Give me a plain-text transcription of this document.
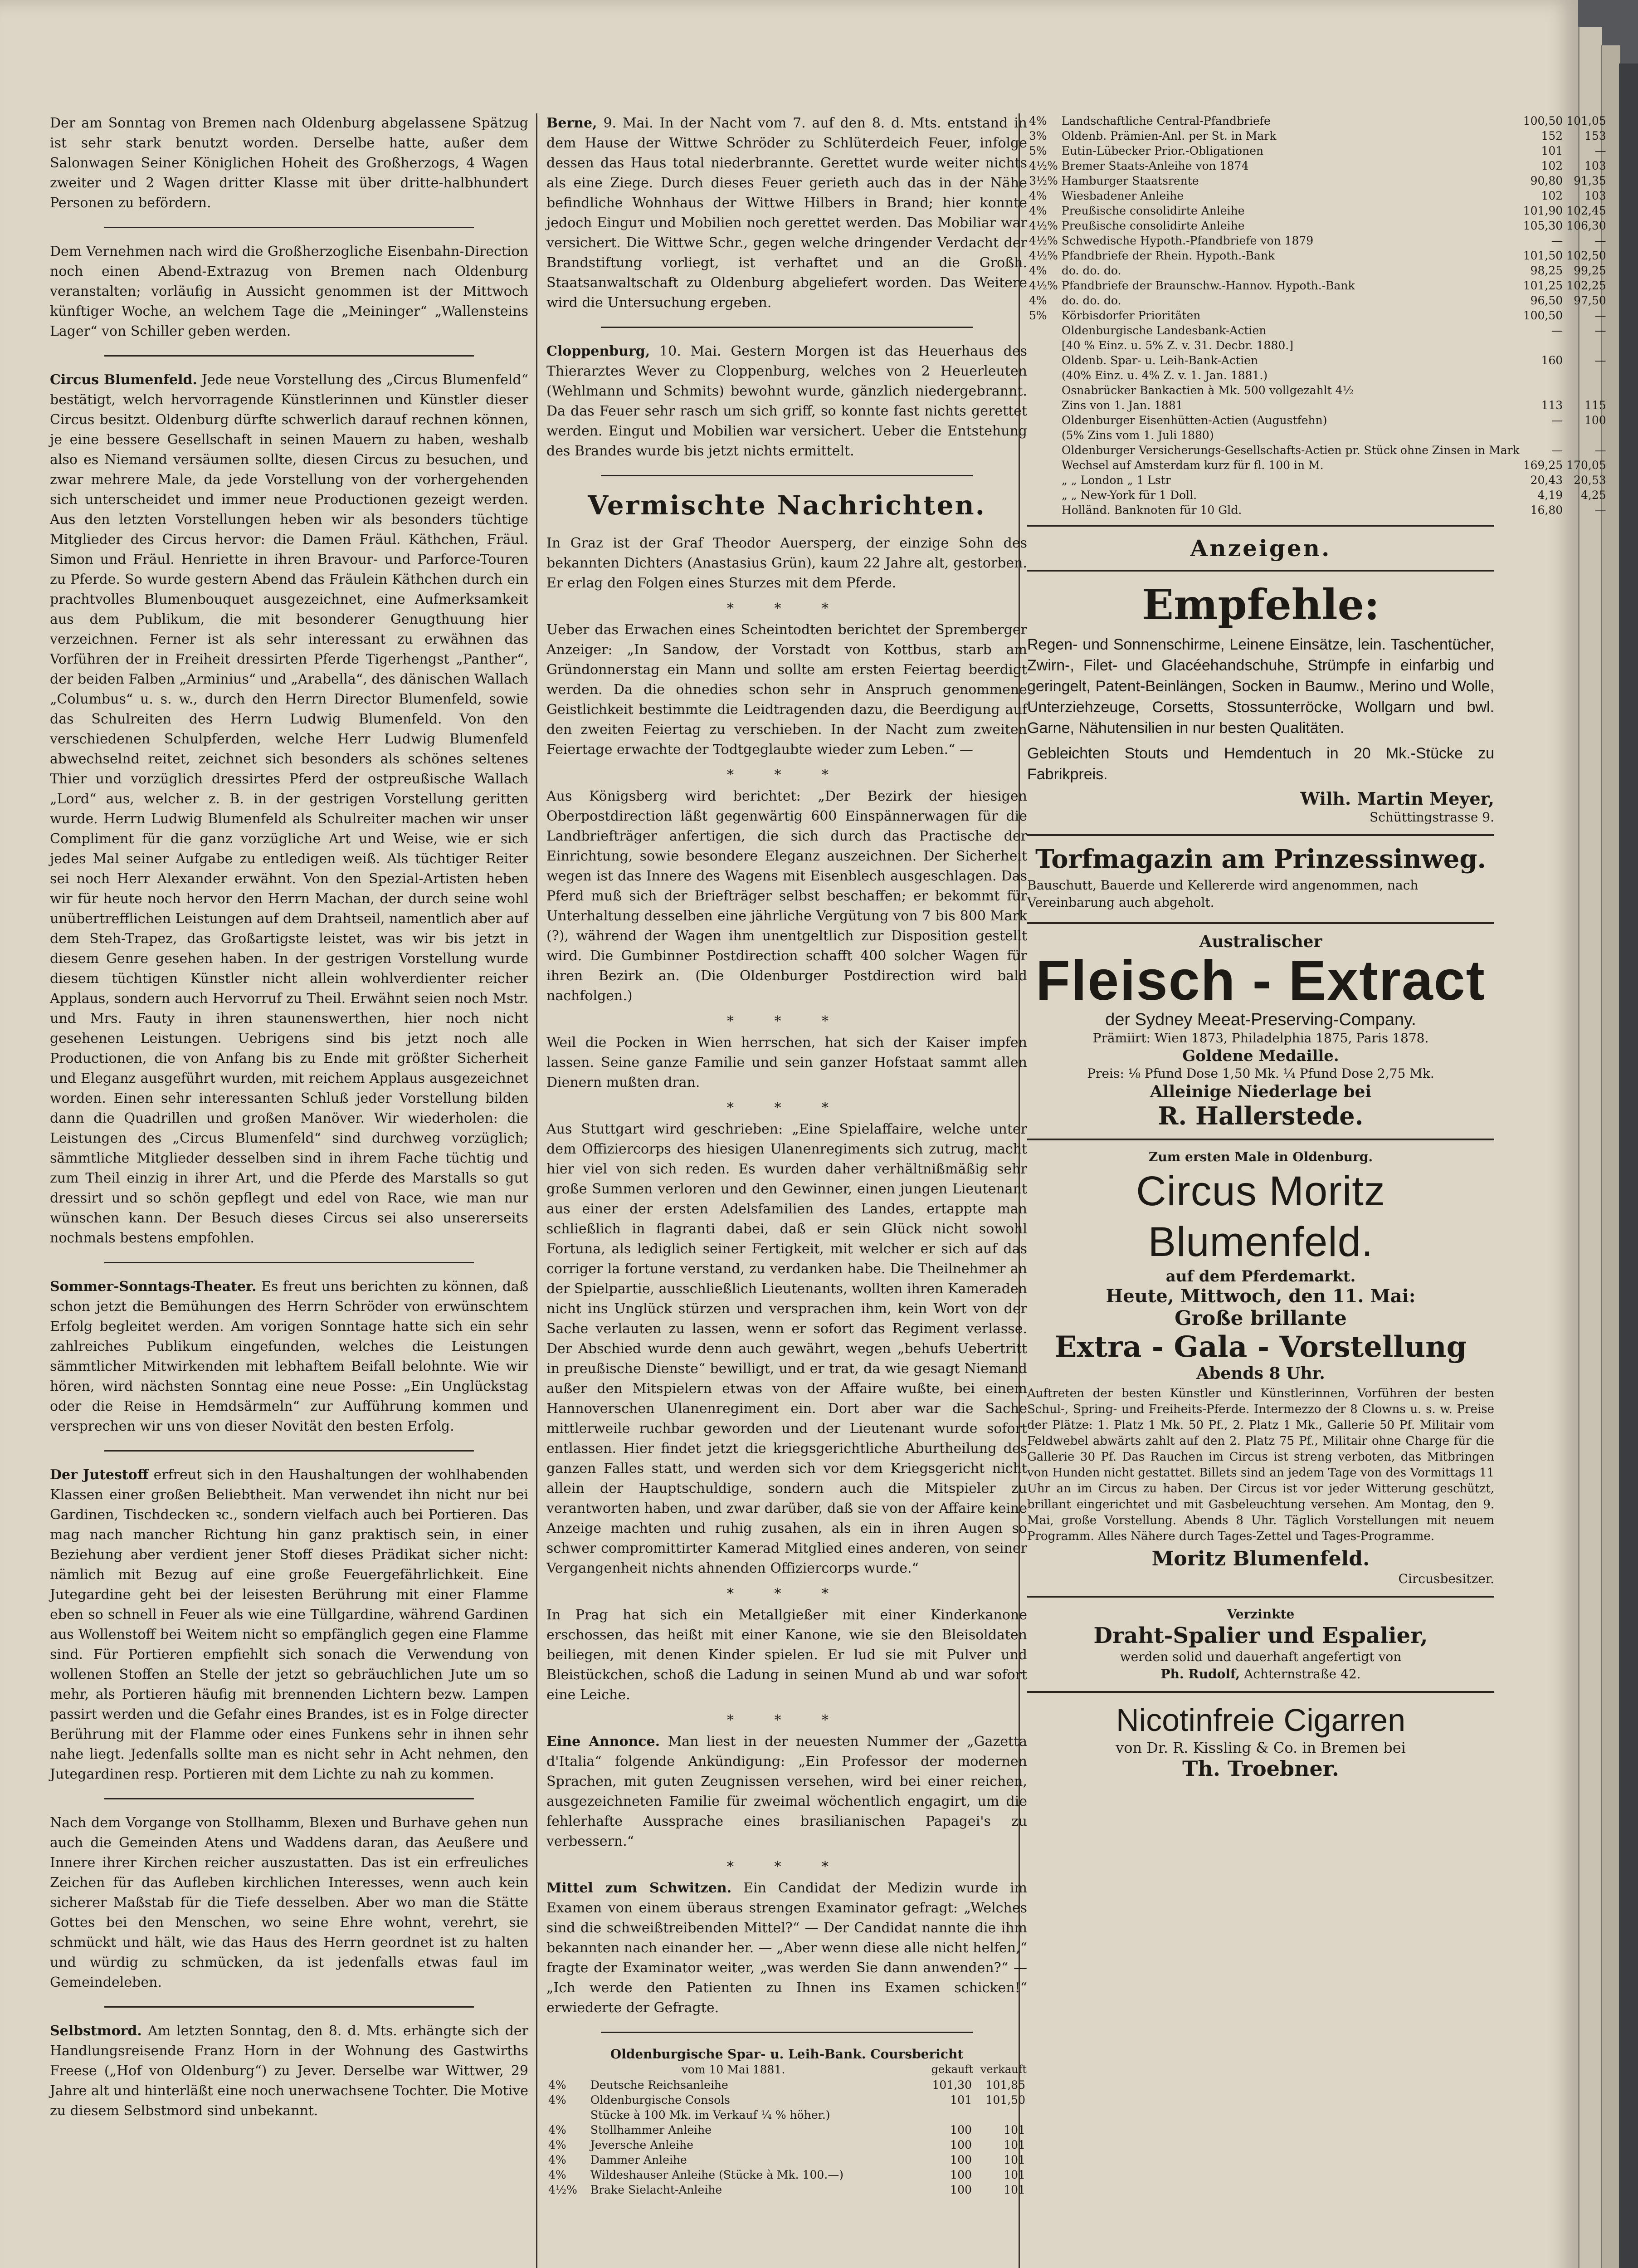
Der am Sonntag von Bremen nach Oldenburg abgelassene Spätzug ist sehr stark benutzt worden. Derselbe hatte, außer dem Salonwagen Seiner Königlichen Hoheit des Großherzogs, 4 Wagen zweiter und 2 Wagen dritter Klasse mit über dritte-halbhundert Personen zu befördern.

Dem Vernehmen nach wird die Großherzogliche Eisenbahn-Direction noch einen Abend-Extrazug von Bremen nach Oldenburg veranstalten; vorläufig in Aussicht genommen ist der Mittwoch künftiger Woche, an welchem Tage die „Meininger“ „Wallensteins Lager“ von Schiller geben werden.

Circus Blumenfeld. Jede neue Vorstellung des „Circus Blumenfeld“ bestätigt, welch hervorragende Künstlerinnen und Künstler dieser Circus besitzt. Oldenburg dürfte schwerlich darauf rechnen können, je eine bessere Gesellschaft in seinen Mauern zu haben, weshalb also es Niemand versäumen sollte, diesen Circus zu besuchen, und zwar mehrere Male, da jede Vorstellung von der vorhergehenden sich unterscheidet und immer neue Productionen gezeigt werden. Aus den letzten Vorstellungen heben wir als besonders tüchtige Mitglieder des Circus hervor: die Damen Fräul. Käthchen, Fräul. Simon und Fräul. Henriette in ihren Bravour- und Parforce-Touren zu Pferde. So wurde gestern Abend das Fräulein Käthchen durch ein prachtvolles Blumenbouquet ausgezeichnet, eine Aufmerksamkeit aus dem Publikum, die mit besonderer Genugthuung hier verzeichnen. Ferner ist als sehr interessant zu erwähnen das Vorführen der in Freiheit dressirten Pferde Tigerhengst „Panther“, der beiden Falben „Arminius“ und „Arabella“, des dänischen Wallach „Columbus“ u. s. w., durch den Herrn Director Blumenfeld, sowie das Schulreiten des Herrn Ludwig Blumenfeld. Von den verschiedenen Schulpferden, welche Herr Ludwig Blumenfeld abwechselnd reitet, zeichnet sich besonders als schönes seltenes Thier und vorzüglich dressirtes Pferd der ostpreußische Wallach „Lord“ aus, welcher z. B. in der gestrigen Vorstellung geritten wurde. Herrn Ludwig Blumenfeld als Schulreiter machen wir unser Compliment für die ganz vorzügliche Art und Weise, wie er sich jedes Mal seiner Aufgabe zu entledigen weiß. Als tüchtiger Reiter sei noch Herr Alexander erwähnt. Von den Spezial-Artisten heben wir für heute noch hervor den Herrn Machan, der durch seine wohl unübertrefflichen Leistungen auf dem Drahtseil, namentlich aber auf dem Steh-Trapez, das Großartigste leistet, was wir bis jetzt in diesem Genre gesehen haben. In der gestrigen Vorstellung wurde diesem tüchtigen Künstler nicht allein wohlverdienter reicher Applaus, sondern auch Hervorruf zu Theil. Erwähnt seien noch Mstr. und Mrs. Fauty in ihren staunenswerthen, hier noch nicht gesehenen Leistungen. Uebrigens sind bis jetzt noch alle Productionen, die von Anfang bis zu Ende mit größter Sicherheit und Eleganz ausgeführt wurden, mit reichem Applaus ausgezeichnet worden. Einen sehr interessanten Schluß jeder Vorstellung bilden dann die Quadrillen und großen Manöver. Wir wiederholen: die Leistungen des „Circus Blumenfeld“ sind durchweg vorzüglich; sämmtliche Mitglieder desselben sind in ihrem Fache tüchtig und zum Theil einzig in ihrer Art, und die Pferde des Marstalls so gut dressirt und so schön gepflegt und edel von Race, wie man nur wünschen kann. Der Besuch dieses Circus sei also unsererseits nochmals bestens empfohlen.

Sommer-Sonntags-Theater. Es freut uns berichten zu können, daß schon jetzt die Bemühungen des Herrn Schröder von erwünschtem Erfolg begleitet werden. Am vorigen Sonntage hatte sich ein sehr zahlreiches Publikum eingefunden, welches die Leistungen sämmtlicher Mitwirkenden mit lebhaftem Beifall belohnte. Wie wir hören, wird nächsten Sonntag eine neue Posse: „Ein Unglückstag oder die Reise in Hemdsärmeln“ zur Aufführung kommen und versprechen wir uns von dieser Novität den besten Erfolg.

Der Jutestoff erfreut sich in den Haushaltungen der wohlhabenden Klassen einer großen Beliebtheit. Man verwendet ihn nicht nur bei Gardinen, Tischdecken ꝛc., sondern vielfach auch bei Portieren. Das mag nach mancher Richtung hin ganz praktisch sein, in einer Beziehung aber verdient jener Stoff dieses Prädikat sicher nicht: nämlich mit Bezug auf eine große Feuergefährlichkeit. Eine Jutegardine geht bei der leisesten Berührung mit einer Flamme eben so schnell in Feuer als wie eine Tüllgardine, während Gardinen aus Wollenstoff bei Weitem nicht so empfänglich gegen eine Flamme sind. Für Portieren empfiehlt sich sonach die Verwendung von wollenen Stoffen an Stelle der jetzt so gebräuchlichen Jute um so mehr, als Portieren häufig mit brennenden Lichtern bezw. Lampen passirt werden und die Gefahr eines Brandes, ist es in Folge directer Berührung mit der Flamme oder eines Funkens sehr in ihnen sehr nahe liegt. Jedenfalls sollte man es nicht sehr in Acht nehmen, den Jutegardinen resp. Portieren mit dem Lichte zu nah zu kommen.

Nach dem Vorgange von Stollhamm, Blexen und Burhave gehen nun auch die Gemeinden Atens und Waddens daran, das Aeußere und Innere ihrer Kirchen reicher auszustatten. Das ist ein erfreuliches Zeichen für das Aufleben kirchlichen Interesses, wenn auch kein sicherer Maßstab für die Tiefe desselben. Aber wo man die Stätte Gottes bei den Menschen, wo seine Ehre wohnt, verehrt, sie schmückt und hält, wie das Haus des Herrn geordnet ist zu halten und würdig zu schmücken, da ist jedenfalls etwas faul im Gemeindeleben.

Selbstmord. Am letzten Sonntag, den 8. d. Mts. erhängte sich der Handlungsreisende Franz Horn in der Wohnung des Gastwirths Freese („Hof von Oldenburg“) zu Jever. Derselbe war Wittwer, 29 Jahre alt und hinterläßt eine noch unerwachsene Tochter. Die Motive zu diesem Selbstmord sind unbekannt.

Berne, 9. Mai. In der Nacht vom 7. auf den 8. d. Mts. entstand in dem Hause der Wittwe Schröder zu Schlüterdeich Feuer, infolge dessen das Haus total niederbrannte. Gerettet wurde weiter nichts als eine Ziege. Durch dieses Feuer gerieth auch das in der Nähe befindliche Wohnhaus der Wittwe Hilbers in Brand; hier konnte jedoch Einguт und Mobilien noch gerettet werden. Das Mobiliar war versichert. Die Wittwe Schr., gegen welche dringender Verdacht der Brandstiftung vorliegt, ist verhaftet und an die Großh. Staatsanwaltschaft zu Oldenburg abgeliefert worden. Das Weitere wird die Untersuchung ergeben.

Cloppenburg, 10. Mai. Gestern Morgen ist das Heuerhaus des Thierarztes Wever zu Cloppenburg, welches von 2 Heuerleuten (Wehlmann und Schmits) bewohnt wurde, gänzlich niedergebrannt. Da das Feuer sehr rasch um sich griff, so konnte fast nichts gerettet werden. Eingut und Mobilien war versichert. Ueber die Entstehung des Brandes wurde bis jetzt nichts ermittelt.

Vermischte Nachrichten.

In Graz ist der Graf Theodor Auersperg, der einzige Sohn des bekannten Dichters (Anastasius Grün), kaum 22 Jahre alt, gestorben. Er erlag den Folgen eines Sturzes mit dem Pferde.

* * *

Ueber das Erwachen eines Scheintodten berichtet der Spremberger Anzeiger: „In Sandow, der Vorstadt von Kottbus, starb am Gründonnerstag ein Mann und sollte am ersten Feiertag beerdigt werden. Da die ohnedies schon sehr in Anspruch genommene Geistlichkeit bestimmte die Leidtragenden dazu, die Beerdigung auf den zweiten Feiertag zu verschieben. In der Nacht zum zweiten Feiertage erwachte der Todtgeglaubte wieder zum Leben.“ —

* * *

Aus Königsberg wird berichtet: „Der Bezirk der hiesigen Oberpostdirection läßt gegenwärtig 600 Einspännerwagen für die Landbriefträger anfertigen, die sich durch das Practische der Einrichtung, sowie besondere Eleganz auszeichnen. Der Sicherheit wegen ist das Innere des Wagens mit Eisenblech ausgeschlagen. Das Pferd muß sich der Briefträger selbst beschaffen; er bekommt für Unterhaltung desselben eine jährliche Vergütung von 7 bis 800 Mark (?), während der Wagen ihm unentgeltlich zur Disposition gestellt wird. Die Gumbinner Postdirection schafft 400 solcher Wagen für ihren Bezirk an. (Die Oldenburger Postdirection wird bald nachfolgen.)

* * *

Weil die Pocken in Wien herrschen, hat sich der Kaiser impfen lassen. Seine ganze Familie und sein ganzer Hofstaat sammt allen Dienern mußten dran.

* * *

Aus Stuttgart wird geschrieben: „Eine Spielaffaire, welche unter dem Offiziercorps des hiesigen Ulanenregiments sich zutrug, macht hier viel von sich reden. Es wurden daher verhältnißmäßig sehr große Summen verloren und den Gewinner, einen jungen Lieutenant aus einer der ersten Adelsfamilien des Landes, ertappte man schließlich in flagranti dabei, daß er sein Glück nicht sowohl Fortuna, als lediglich seiner Fertigkeit, mit welcher er sich auf das corriger la fortune verstand, zu verdanken habe. Die Theilnehmer an der Spielpartie, ausschließlich Lieutenants, wollten ihren Kameraden nicht ins Unglück stürzen und versprachen ihm, kein Wort von der Sache verlauten zu lassen, wenn er sofort das Regiment verlasse. Der Abschied wurde denn auch gewährt, wegen „behufs Uebertritt in preußische Dienste“ bewilligt, und er trat, da wie gesagt Niemand außer den Mitspielern etwas von der Affaire wußte, bei einem Hannoverschen Ulanenregiment ein. Dort aber war die Sache mittlerweile ruchbar geworden und der Lieutenant wurde sofort entlassen. Hier findet jetzt die kriegsgerichtliche Aburtheilung des ganzen Falles statt, und werden sich vor dem Kriegsgericht nicht allein der Hauptschuldige, sondern auch die Mitspieler zu verantworten haben, und zwar darüber, daß sie von der Affaire keine Anzeige machten und ruhig zusahen, als ein in ihren Augen so schwer compromittirter Kamerad Mitglied eines anderen, von seiner Vergangenheit nichts ahnenden Offiziercorps wurde.“

* * *

In Prag hat sich ein Metallgießer mit einer Kinderkanone erschossen, das heißt mit einer Kanone, wie sie den Bleisoldaten beiliegen, mit denen Kinder spielen. Er lud sie mit Pulver und Bleistückchen, schoß die Ladung in seinen Mund ab und war sofort eine Leiche.

* * *

Eine Annonce. Man liest in der neuesten Nummer der „Gazetta d'Italia“ folgende Ankündigung: „Ein Professor der modernen Sprachen, mit guten Zeugnissen versehen, wird bei einer reichen, ausgezeichneten Familie für zweimal wöchentlich engagirt, um die fehlerhafte Aussprache eines brasilianischen Papagei's zu verbessern.“

* * *

Mittel zum Schwitzen. Ein Candidat der Medizin wurde im Examen von einem überaus strengen Examinator gefragt: „Welches sind die schweißtreibenden Mittel?“ — Der Candidat nannte die ihm bekannten nach einander her. — „Aber wenn diese alle nicht helfen,“ fragte der Examinator weiter, „was werden Sie dann anwenden?“ — „Ich werde den Patienten zu Ihnen ins Examen schicken!“ erwiederte der Gefragte.

Oldenburgische Spar- u. Leih-Bank. Coursbericht
vom 10 Mai 1881.		gekauft	verkauft
4%	Deutsche Reichsanleihe	101,30	101,85
4%	Oldenburgische Consols	101	101,50
	Stücke à 100 Mk. im Verkauf ¼ % höher.)		
4%	Stollhammer Anleihe	100	101
4%	Jeversche Anleihe	100	101
4%	Dammer Anleihe	100	101
4%	Wildeshauser Anleihe (Stücke à Mk. 100.—)	100	101
4½%	Brake Sielacht-Anleihe	100	101
4%	Landschaftliche Central-Pfandbriefe	100,50	101,05
3%	Oldenb. Prämien-Anl. per St. in Mark	152	153
5%	Eutin-Lübecker Prior.-Obligationen	101	—
4½%	Bremer Staats-Anleihe von 1874	102	103
3½%	Hamburger Staatsrente	90,80	91,35
4%	Wiesbadener Anleihe	102	103
4%	Preußische consolidirte Anleihe	101,90	102,45
4½%	Preußische consolidirte Anleihe	105,30	106,30
4½%	Schwedische Hypoth.-Pfandbriefe von 1879	—	—
4½%	Pfandbriefe der Rhein. Hypoth.-Bank	101,50	102,50
4%	do. do. do.	98,25	99,25
4½%	Pfandbriefe der Braunschw.-Hannov. Hypoth.-Bank	101,25	102,25
4%	do. do. do.	96,50	97,50
5%	Körbisdorfer Prioritäten	100,50	—
	Oldenburgische Landesbank-Actien	—	—
	[40 % Einz. u. 5% Z. v. 31. Decbr. 1880.]		
	Oldenb. Spar- u. Leih-Bank-Actien	160	—
	(40% Einz. u. 4% Z. v. 1. Jan. 1881.)		
	Osnabrücker Bankactien à Mk. 500 vollgezahlt 4½		
	Zins von 1. Jan. 1881	113	115
	Oldenburger Eisenhütten-Actien (Augustfehn)	—	100
	(5% Zins vom 1. Juli 1880)		
	Oldenburger Versicherungs-Gesellschafts-Actien pr. Stück ohne Zinsen in Mark	—	—
	Wechsel auf Amsterdam kurz für fl. 100 in M.	169,25	170,05
	„ „ London „ 1 Lstr	20,43	20,53
	„ „ New-York für 1 Doll.	4,19	4,25
	Holländ. Banknoten für 10 Gld.	16,80	—
Anzeigen.
Empfehle:

Regen- und Sonnenschirme, Leinene Einsätze, lein. Taschentücher, Zwirn-, Filet- und Glacéehandschuhe, Strümpfe in einfarbig und geringelt, Patent-Beinlängen, Socken in Baumw., Merino und Wolle, Unterziehzeuge, Corsetts, Stossunterröcke, Wollgarn und bwl. Garne, Nähutensilien in nur besten Qualitäten.

Gebleichten Stouts und Hemdentuch in 20 Mk.-Stücke zu Fabrikpreis.

Wilh. Martin Meyer,
Schüttingstrasse 9.
Torfmagazin am Prinzessinweg.

Bauschutt, Bauerde und Kellererde wird angenommen, nach Vereinbarung auch abgeholt.

Australischer
Fleisch - Extract
der Sydney Meeat-Preserving-Company.
Prämiirt: Wien 1873, Philadelphia 1875, Paris 1878.
Goldene Medaille.
Preis: ⅛ Pfund Dose 1,50 Mk. ¼ Pfund Dose 2,75 Mk.
Alleinige Niederlage bei
R. Hallerstede.
Zum ersten Male in Oldenburg.
Circus Moritz Blumenfeld.
auf dem Pferdemarkt.
Heute, Mittwoch, den 11. Mai:
Große brillante
Extra - Gala - Vorstellung
Abends 8 Uhr.

Auftreten der besten Künstler und Künstlerinnen, Vorführen der besten Schul-, Spring- und Freiheits-Pferde. Intermezzo der 8 Clowns u. s. w. Preise der Plätze: 1. Platz 1 Mk. 50 Pf., 2. Platz 1 Mk., Gallerie 50 Pf. Militair vom Feldwebel abwärts zahlt auf den 2. Platz 75 Pf., Militair ohne Charge für die Gallerie 30 Pf. Das Rauchen im Circus ist streng verboten, das Mitbringen von Hunden nicht gestattet. Billets sind an jedem Tage von des Vormittags 11 Uhr an im Circus zu haben. Der Circus ist vor jeder Witterung geschützt, brillant eingerichtet und mit Gasbeleuchtung versehen. Am Montag, den 9. Mai, große Vorstellung. Abends 8 Uhr. Täglich Vorstellungen mit neuem Programm. Alles Nähere durch Tages-Zettel und Tages-Programme.

Moritz Blumenfeld.
Circusbesitzer.
Verzinkte
Draht-Spalier und Espalier,
werden solid und dauerhaft angefertigt von
Ph. Rudolf, Achternstraße 42.
Nicotinfreie Cigarren
von Dr. R. Kissling & Co. in Bremen bei
Th. Troebner.
